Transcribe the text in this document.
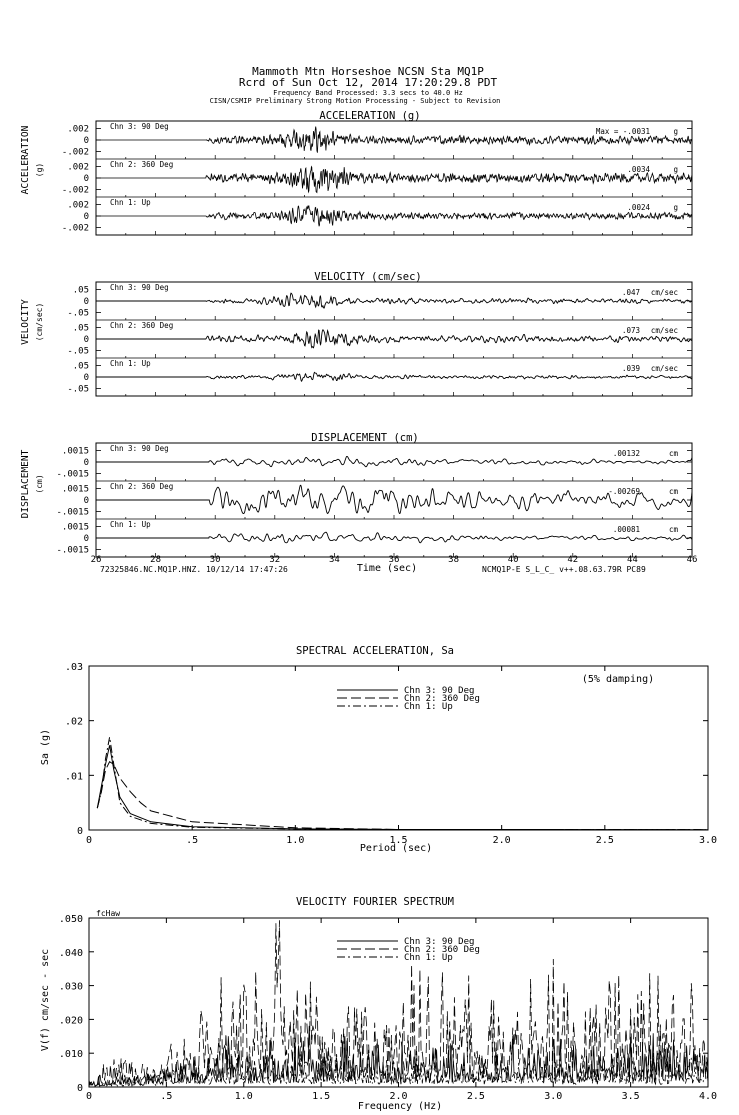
Mammoth Mtn Horseshoe NCSN Sta MQ1P
Rcrd of Sun Oct 12, 2014 17:20:29.8 PDT
Frequency Band Processed: 3.3 secs to 40.0 Hz
CISN/CSMIP Preliminary Strong Motion Processing - Subject to Revision
ACCELERATION (g)
VELOCITY (cm/sec)
DISPLACEMENT (cm)
ACCELERATION (g)
VELOCITY (cm/sec)
DISPLACEMENT (cm)
.002
0
-.002
Chn 3: 90 Deg
Max = -.0031	g
.002
0
-.002
Chn 2: 360 Deg
.0034	g
.002
0
-.002
Chn 1: Up
.0024	g
.05
0
-.05
Chn 3: 90 Deg
.047 cm/sec
.05
0
-.05
Chn 2: 360 Deg
.073 cm/sec
.05
0
-.05
Chn 1: Up
.039 cm/sec
.0015
0
-.0015
Chn 3: 90 Deg
.00132	cm
.0015
0
-.0015
Chn 2: 360 Deg
-.00269	cm
.0015
0
-.0015
Chn 1: Up
.00081	cm
26	28	30	32	34	36	38	40	42	44	46
Time (sec)
72325846.NC.MQ1P.HNZ. 10/12/14 17:47:26	NCMQ1P-E S_L_C_ v++.08.63.79R PC89
SPECTRAL ACCELERATION, Sa
Sa (g)
Period (sec)
(5% damping)
0	.5	1.0	1.5	2.0	2.5	3.0
0
.01
.02
.03
Chn 3: 90 Deg
Chn 2: 360 Deg
Chn 1: Up
VELOCITY FOURIER SPECTRUM
fcHaw
V(f) cm/sec - sec
Frequency (Hz)
0	.5	1.0	1.5	2.0	2.5	3.0	3.5	4.0
0
.010
.020
.030
.040
.050
Chn 3: 90 Deg
Chn 2: 360 Deg
Chn 1: Up
